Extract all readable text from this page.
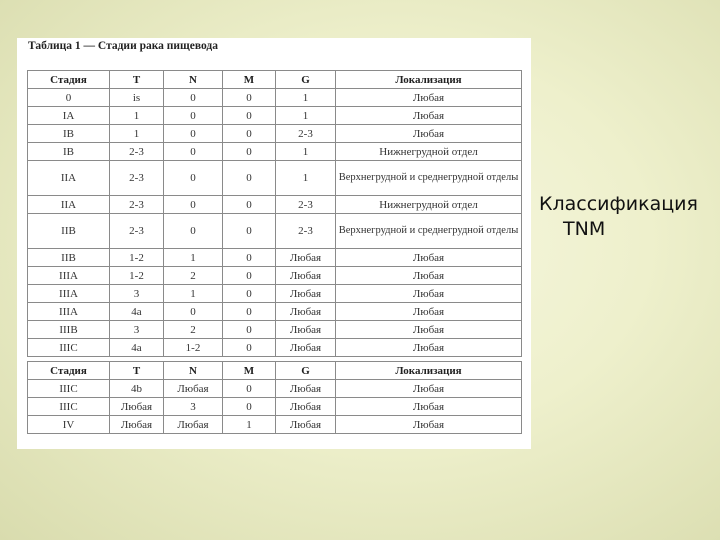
Таблица 1 — Стадии рака пищевода
Стадия	T	N	M	G	Локализация
0	is	0	0	1	Любая
IA	1	0	0	1	Любая
IB	1	0	0	2-3	Любая
IB	2-3	0	0	1	Нижнегрудной отдел
IIA	2-3	0	0	1	Верхнегрудной и среднегрудной отделы
IIA	2-3	0	0	2-3	Нижнегрудной отдел
IIB	2-3	0	0	2-3	Верхнегрудной и среднегрудной отделы
IIB	1-2	1	0	Любая	Любая
IIIA	1-2	2	0	Любая	Любая
IIIA	3	1	0	Любая	Любая
IIIA	4a	0	0	Любая	Любая
IIIB	3	2	0	Любая	Любая
IIIC	4a	1-2	0	Любая	Любая
Стадия	T	N	M	G	Локализация
IIIC	4b	Любая	0	Любая	Любая
IIIC	Любая	3	0	Любая	Любая
IV	Любая	Любая	1	Любая	Любая
Классификация
TNM
